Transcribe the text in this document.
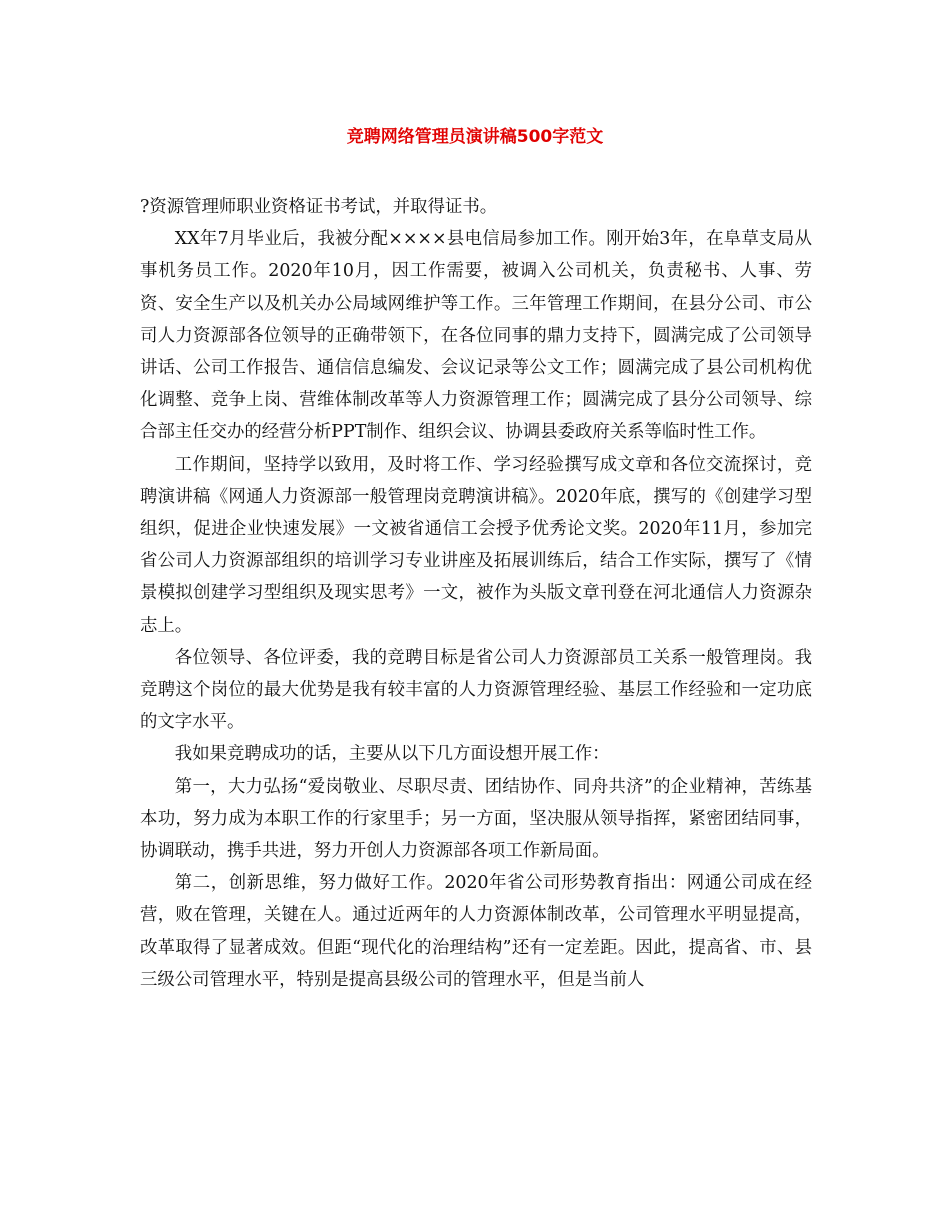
竞聘网络管理员演讲稿500字范文

?资源管理师职业资格证书考试，并取得证书。

XX年7月毕业后，我被分配××××县电信局参加工作。刚开始3年，在阜草支局从事机务员工作。2020年10月，因工作需要，被调入公司机关，负责秘书、人事、劳资、安全生产以及机关办公局域网维护等工作。三年管理工作期间，在县分公司、市公司人力资源部各位领导的正确带领下，在各位同事的鼎力支持下，圆满完成了公司领导讲话、公司工作报告、通信信息编发、会议记录等公文工作；圆满完成了县公司机构优化调整、竞争上岗、营维体制改革等人力资源管理工作；圆满完成了县分公司领导、综合部主任交办的经营分析PPT制作、组织会议、协调县委政府关系等临时性工作。

工作期间，坚持学以致用，及时将工作、学习经验撰写成文章和各位交流探讨，竞聘演讲稿《网通人力资源部一般管理岗竞聘演讲稿》。2020年底，撰写的《创建学习型组织，促进企业快速发展》一文被省通信工会授予优秀论文奖。2020年11月，参加完省公司人力资源部组织的培训学习专业讲座及拓展训练后，结合工作实际，撰写了《情景模拟创建学习型组织及现实思考》一文，被作为头版文章刊登在河北通信人力资源杂志上。

各位领导、各位评委，我的竞聘目标是省公司人力资源部员工关系一般管理岗。我竞聘这个岗位的最大优势是我有较丰富的人力资源管理经验、基层工作经验和一定功底的文字水平。

我如果竞聘成功的话，主要从以下几方面设想开展工作：

第一，大力弘扬“爱岗敬业、尽职尽责、团结协作、同舟共济”的企业精神，苦练基本功，努力成为本职工作的行家里手；另一方面，坚决服从领导指挥，紧密团结同事，协调联动，携手共进，努力开创人力资源部各项工作新局面。

第二，创新思维，努力做好工作。2020年省公司形势教育指出：网通公司成在经营，败在管理，关键在人。通过近两年的人力资源体制改革，公司管理水平明显提高，改革取得了显著成效。但距“现代化的治理结构”还有一定差距。因此，提高省、市、县三级公司管理水平，特别是提高县级公司的管理水平，但是当前人
